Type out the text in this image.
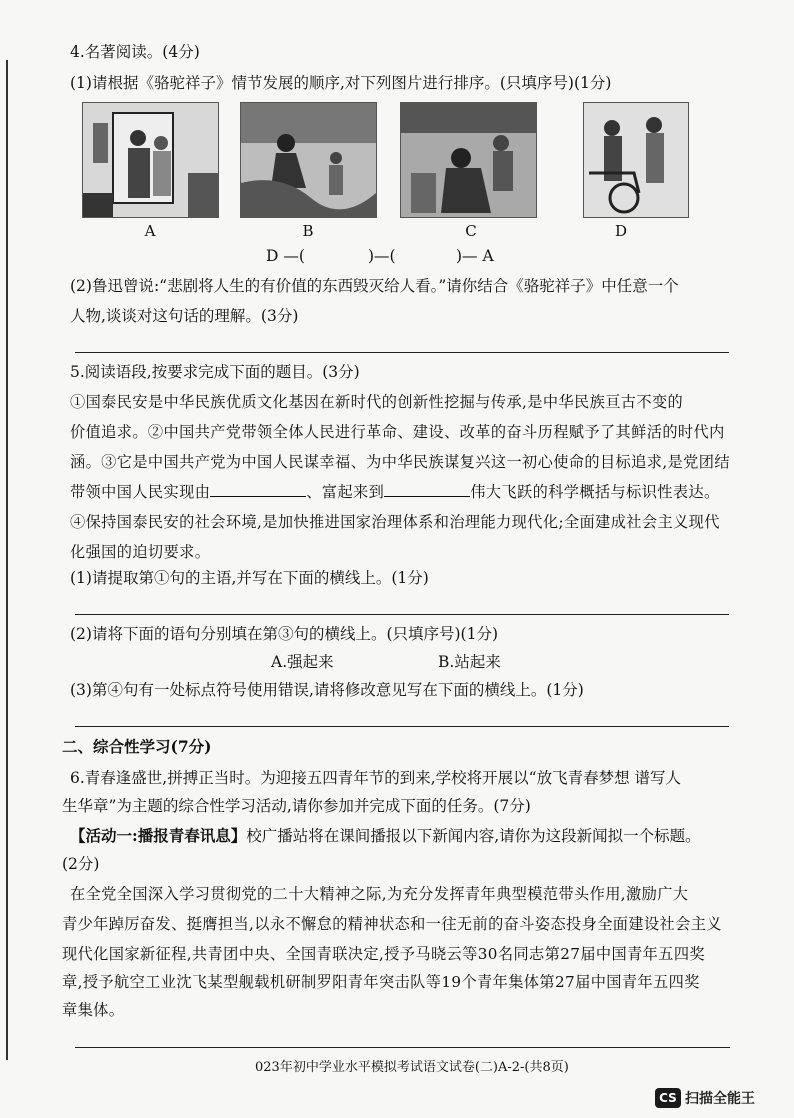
4.名著阅读。(4分)
(1)请根据《骆驼祥子》情节发展的顺序,对下列图片进行排序。(只填序号)(1分)
A	B	C	D
D —(	)—(	)— A
(2)鲁迅曾说:“悲剧将人生的有价值的东西毁灭给人看。”请你结合《骆驼祥子》中任意一个
人物,谈谈对这句话的理解。(3分)
5.阅读语段,按要求完成下面的题目。(3分)
①国泰民安是中华民族优质文化基因在新时代的创新性挖掘与传承,是中华民族亘古不变的
价值追求。②中国共产党带领全体人民进行革命、建设、改革的奋斗历程赋予了其鲜活的时代内
涵。③它是中国共产党为中国人民谋幸福、为中华民族谋复兴这一初心使命的目标追求,是党团结
带领中国人民实现由	、富起来到	伟大飞跃的科学概括与标识性表达。
④保持国泰民安的社会环境,是加快推进国家治理体系和治理能力现代化;全面建成社会主义现代
化强国的迫切要求。
(1)请提取第①句的主语,并写在下面的横线上。(1分)
(2)请将下面的语句分别填在第③句的横线上。(只填序号)(1分)
A.强起来	B.站起来
(3)第④句有一处标点符号使用错误,请将修改意见写在下面的横线上。(1分)
二、综合性学习(7分)
6.青春逢盛世,拼搏正当时。为迎接五四青年节的到来,学校将开展以“放飞青春梦想 谱写人
生华章”为主题的综合性学习活动,请你参加并完成下面的任务。(7分)
【活动一:播报青春讯息】校广播站将在课间播报以下新闻内容,请你为这段新闻拟一个标题。
(2分)
在全党全国深入学习贯彻党的二十大精神之际,为充分发挥青年典型模范带头作用,激励广大
青少年踔厉奋发、挺膺担当,以永不懈怠的精神状态和一往无前的奋斗姿态投身全面建设社会主义
现代化国家新征程,共青团中央、全国青联决定,授予马晓云等30名同志第27届中国青年五四奖
章,授予航空工业沈飞某型舰载机研制罗阳青年突击队等19个青年集体第27届中国青年五四奖
章集体。
023年初中学业水平模拟考试语文试卷(二)A-2-(共8页)
CS 扫描全能王
